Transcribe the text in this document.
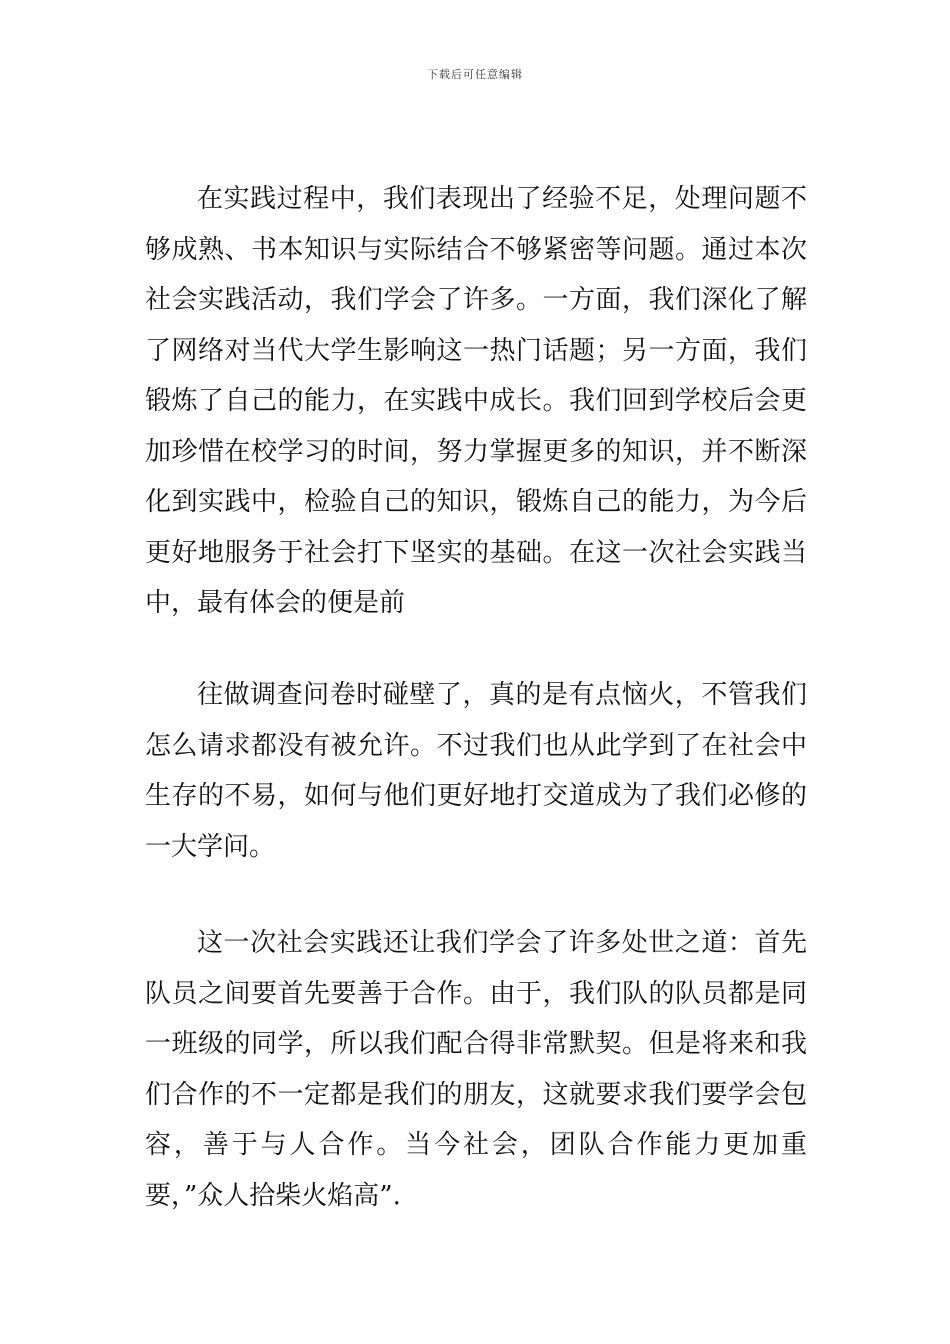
下载后可任意编辑

在实践过程中，我们表现出了经验不足，处理问题不够成熟、书本知识与实际结合不够紧密等问题。通过本次社会实践活动，我们学会了许多。一方面，我们深化了解了网络对当代大学生影响这一热门话题；另一方面，我们锻炼了自己的能力，在实践中成长。我们回到学校后会更加珍惜在校学习的时间，努力掌握更多的知识，并不断深化到实践中，检验自己的知识，锻炼自己的能力，为今后更好地服务于社会打下坚实的基础。在这一次社会实践当中，最有体会的便是前

往做调查问卷时碰壁了，真的是有点恼火，不管我们怎么请求都没有被允许。不过我们也从此学到了在社会中生存的不易，如何与他们更好地打交道成为了我们必修的一大学问。

这一次社会实践还让我们学会了许多处世之道：首先队员之间要首先要善于合作。由于，我们队的队员都是同一班级的同学，所以我们配合得非常默契。但是将来和我们合作的不一定都是我们的朋友，这就要求我们要学会包容，善于与人合作。当今社会，团队合作能力更加重要，”众人拾柴火焰高”.
